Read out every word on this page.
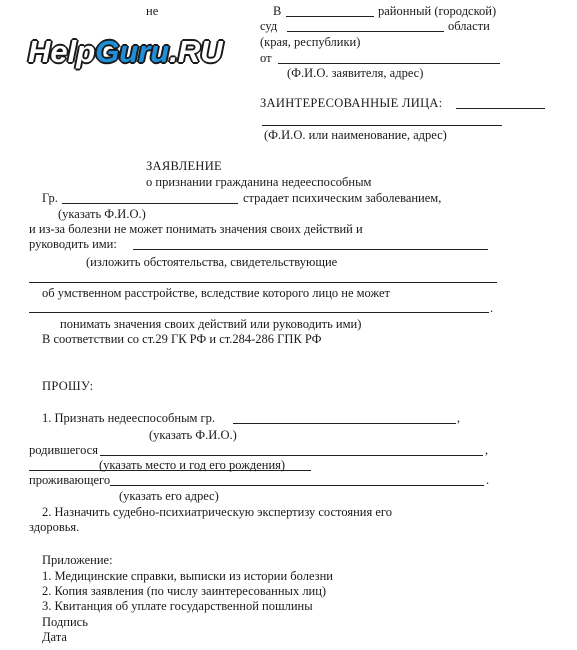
HelpGuru.RU
не	В	районный (городской)
суд	области
(края, республики)
от
(Ф.И.О. заявителя, адрес)
ЗАИНТЕРЕСОВАННЫЕ ЛИЦА:
(Ф.И.О. или наименование, адрес)
ЗАЯВЛЕНИЕ
о признании гражданина недееспособным
Гр.	страдает психическим заболеванием,
(указать Ф.И.О.)
и из-за болезни не может понимать значения своих действий и
руководить ими:
(изложить обстоятельства, свидетельствующие
об умственном расстройстве, вследствие которого лицо не может
.
понимать значения своих действий или руководить ими)
В соответствии со ст.29 ГК РФ и ст.284-286 ГПК РФ
ПРОШУ:
1. Признать недееспособным гр.	,
(указать Ф.И.О.)
родившегося	,
(указать место и год его рождения)
проживающего	.
(указать его адрес)
2. Назначить судебно-психиатрическую экспертизу состояния его
здоровья.
Приложение:
1. Медицинские справки, выписки из истории болезни
2. Копия заявления (по числу заинтересованных лиц)
3. Квитанция об уплате государственной пошлины
Подпись
Дата
